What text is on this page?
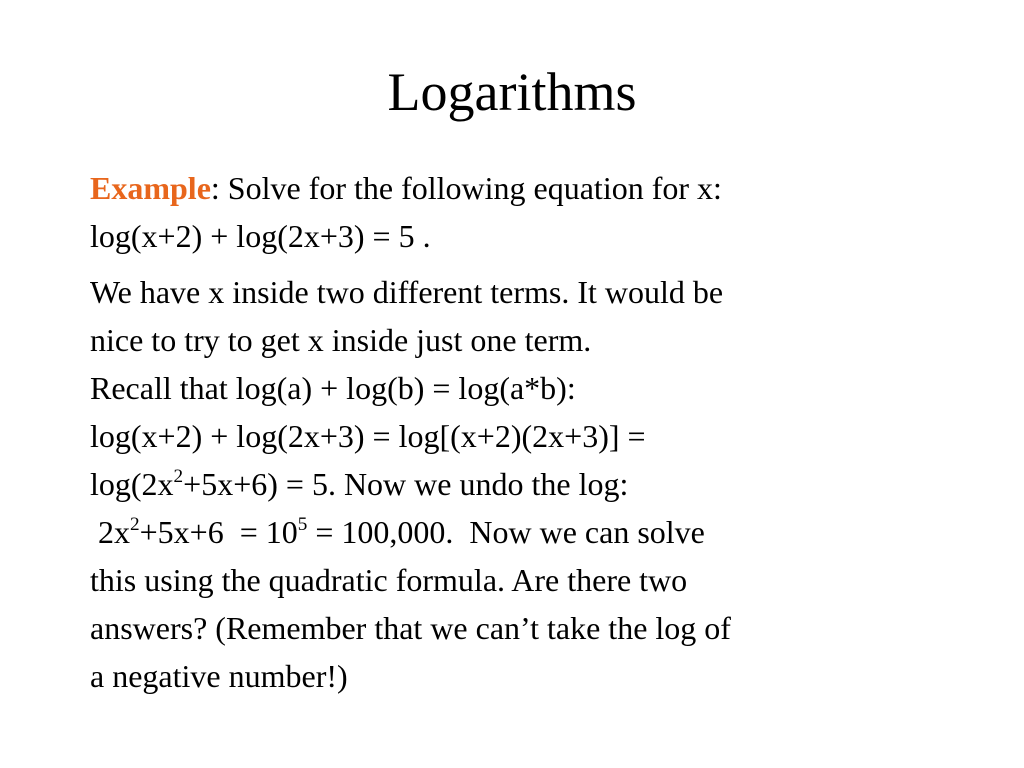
Logarithms

Example: Solve for the following equation for x:
log(x+2) + log(2x+3) = 5 .

We have x inside two different terms. It would be
nice to try to get x inside just one term.
Recall that log(a) + log(b) = log(a*b):
log(x+2) + log(2x+3) = log[(x+2)(2x+3)] =
$\log(2x^2+5x+6) = 5$. Now we undo the log:
$2x^2+5x+6 = 10^5 = 100,000$.  Now we can solve
this using the quadratic formula. Are there two
answers? (Remember that we can’t take the log of
a negative number!)
